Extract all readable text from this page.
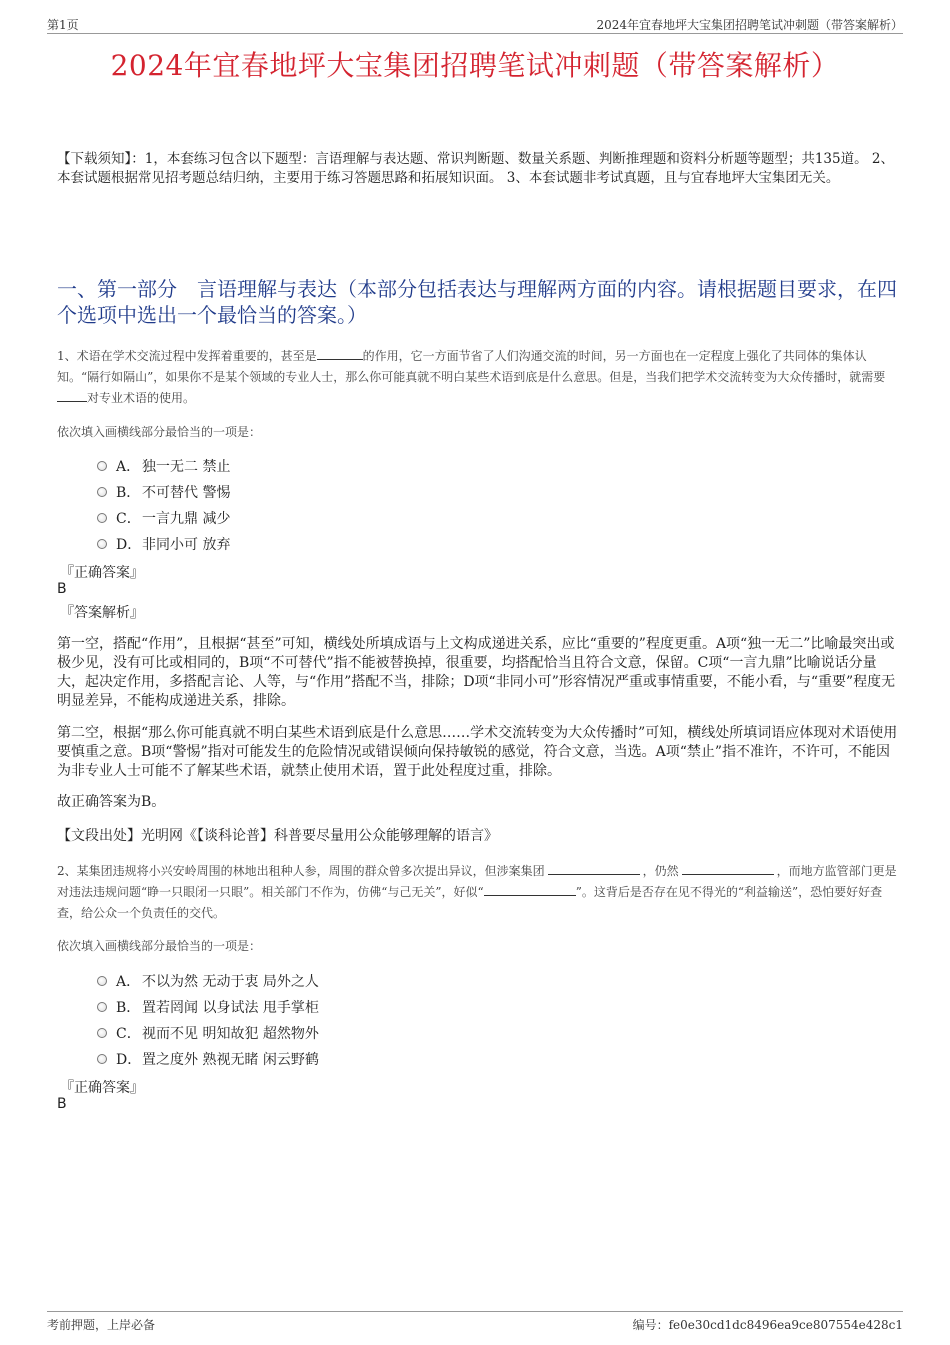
第1页	2024年宜春地坪大宝集团招聘笔试冲刺题（带答案解析）
2024年宜春地坪大宝集团招聘笔试冲刺题（带答案解析）
【下载须知】：1，本套练习包含以下题型：言语理解与表达题、常识判断题、数量关系题、判断推理题和资料分析题等题型；共135道。 2、本套试题根据常见招考题总结归纳，主要用于练习答题思路和拓展知识面。 3、本套试题非考试真题，且与宜春地坪大宝集团无关。
一、第一部分　言语理解与表达（本部分包括表达与理解两方面的内容。请根据题目要求，在四个选项中选出一个最恰当的答案。）
1、术语在学术交流过程中发挥着重要的，甚至是	的作用，它一方面节省了人们沟通交流的时间，另一方面也在一定程度上强化了共同体的集体认知。“隔行如隔山”，如果你不是某个领域的专业人士，那么你可能真就不明白某些术语到底是什么意思。但是，当我们把学术交流转变为大众传播时，就需要对专业术语的使用。
依次填入画横线部分最恰当的一项是：
A． 独一无二 禁止
B． 不可替代 警惕
C． 一言九鼎 减少
D． 非同小可 放弃
『正确答案』
B
『答案解析』
第一空，搭配“作用”，且根据“甚至”可知，横线处所填成语与上文构成递进关系，应比“重要的”程度更重。A项“独一无二”比喻最突出或极少见，没有可比或相同的，B项“不可替代”指不能被替换掉，很重要，均搭配恰当且符合文意，保留。C项“一言九鼎”比喻说话分量大，起决定作用，多搭配言论、人等，与“作用”搭配不当，排除；D项“非同小可”形容情况严重或事情重要，不能小看，与“重要”程度无明显差异，不能构成递进关系，排除。
第二空，根据“那么你可能真就不明白某些术语到底是什么意思……学术交流转变为大众传播时”可知，横线处所填词语应体现对术语使用要慎重之意。B项“警惕”指对可能发生的危险情况或错误倾向保持敏锐的感觉，符合文意，当选。A项“禁止”指不准许，不许可，不能因为非专业人士可能不了解某些术语，就禁止使用术语，置于此处程度过重，排除。
故正确答案为B。
【文段出处】光明网《【谈科论普】科普要尽量用公众能够理解的语言》
2、某集团违规将小兴安岭周围的林地出租种人参，周围的群众曾多次提出异议，但涉案集团	，仍然	，而地方监管部门更是对违法违规问题“睁一只眼闭一只眼”。相关部门不作为，仿佛“与己无关”，好似“	”。这背后是否存在见不得光的“利益输送”，恐怕要好好查查，给公众一个负责任的交代。
依次填入画横线部分最恰当的一项是：
A． 不以为然 无动于衷 局外之人
B． 置若罔闻 以身试法 甩手掌柜
C． 视而不见 明知故犯 超然物外
D． 置之度外 熟视无睹 闲云野鹤
『正确答案』
B
考前押题，上岸必备	编号：fe0e30cd1dc8496ea9ce807554e428c1
